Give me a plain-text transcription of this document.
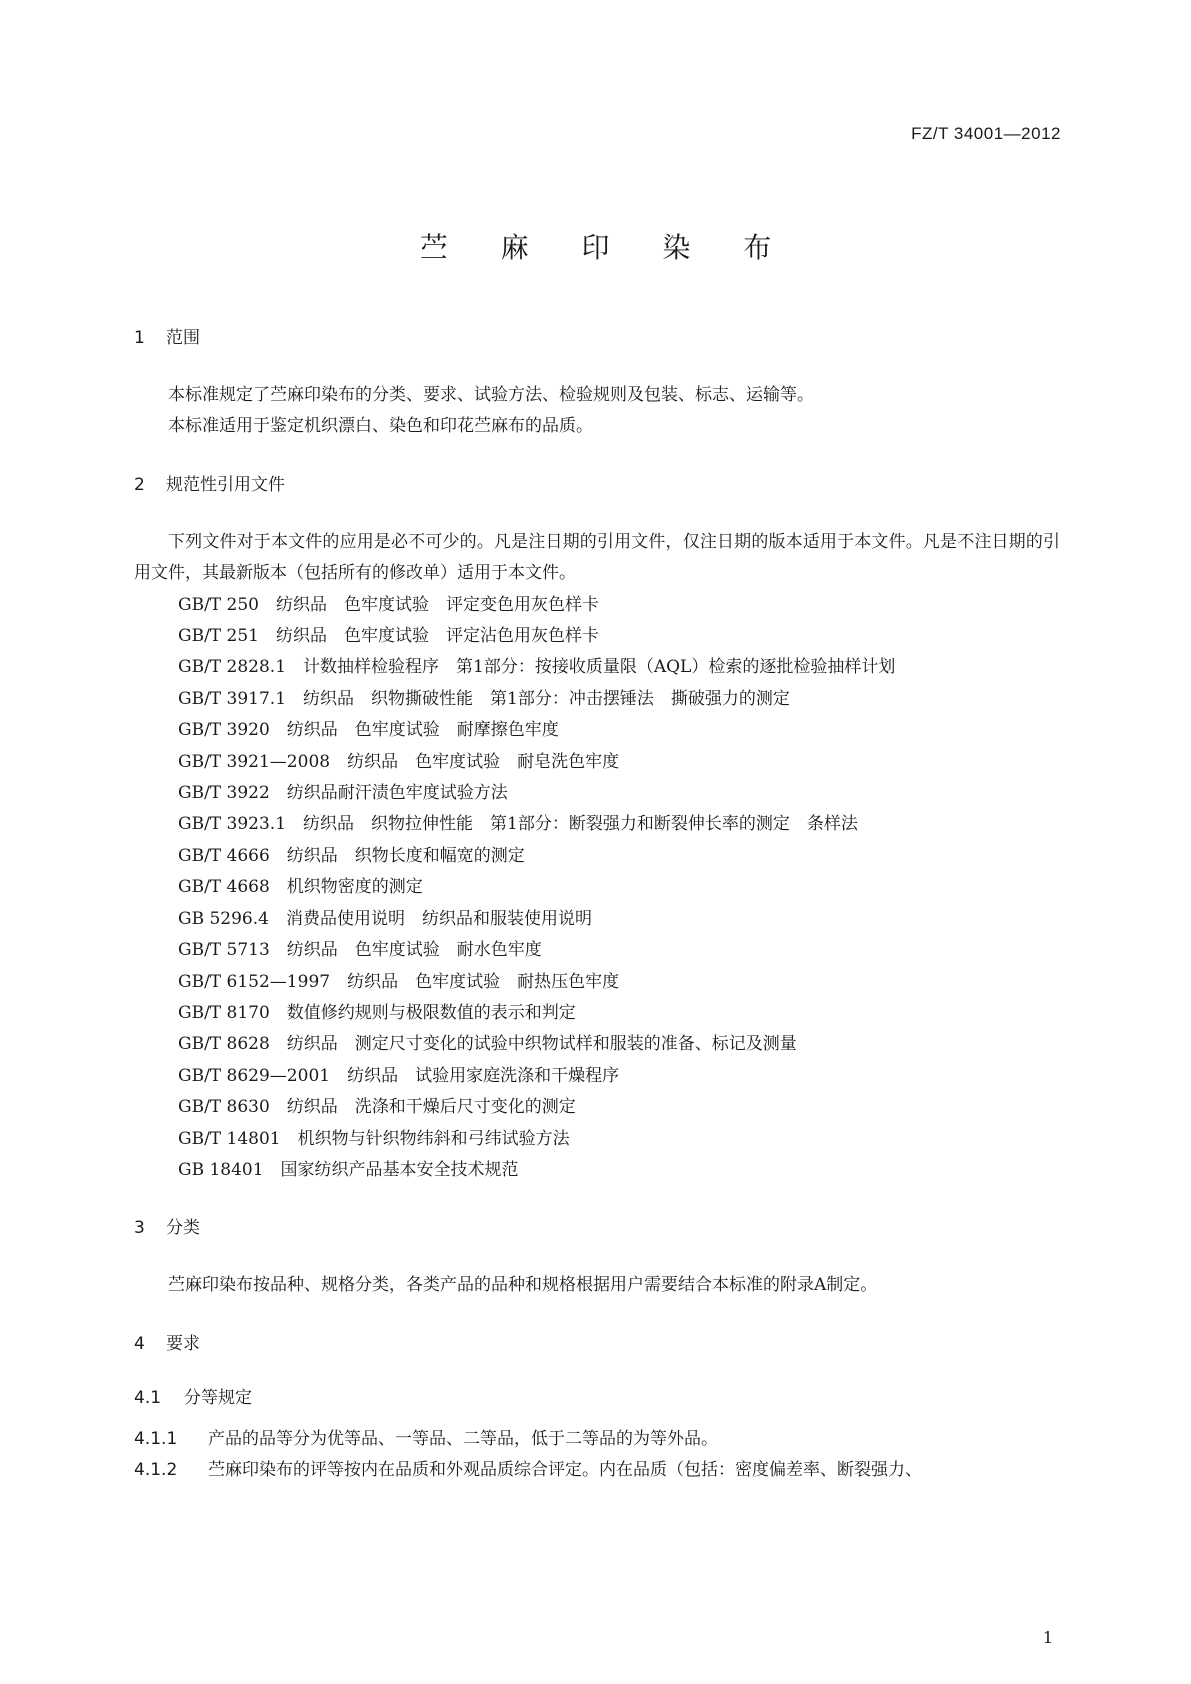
FZ/T 34001—2012
苎 麻 印 染 布
1 范围
本标准规定了苎麻印染布的分类、要求、试验方法、检验规则及包装、标志、运输等。
本标准适用于鉴定机织漂白、染色和印花苎麻布的品质。
2 规范性引用文件
下列文件对于本文件的应用是必不可少的。凡是注日期的引用文件，仅注日期的版本适用于本文件。凡是不注日期的引用文件，其最新版本（包括所有的修改单）适用于本文件。
GB/T 250　纺织品　色牢度试验　评定变色用灰色样卡
GB/T 251　纺织品　色牢度试验　评定沾色用灰色样卡
GB/T 2828.1　计数抽样检验程序　第1部分：按接收质量限（AQL）检索的逐批检验抽样计划
GB/T 3917.1　纺织品　织物撕破性能　第1部分：冲击摆锤法　撕破强力的测定
GB/T 3920　纺织品　色牢度试验　耐摩擦色牢度
GB/T 3921—2008　纺织品　色牢度试验　耐皂洗色牢度
GB/T 3922　纺织品耐汗渍色牢度试验方法
GB/T 3923.1　纺织品　织物拉伸性能　第1部分：断裂强力和断裂伸长率的测定　条样法
GB/T 4666　纺织品　织物长度和幅宽的测定
GB/T 4668　机织物密度的测定
GB 5296.4　消费品使用说明　纺织品和服装使用说明
GB/T 5713　纺织品　色牢度试验　耐水色牢度
GB/T 6152—1997　纺织品　色牢度试验　耐热压色牢度
GB/T 8170　数值修约规则与极限数值的表示和判定
GB/T 8628　纺织品　测定尺寸变化的试验中织物试样和服装的准备、标记及测量
GB/T 8629—2001　纺织品　试验用家庭洗涤和干燥程序
GB/T 8630　纺织品　洗涤和干燥后尺寸变化的测定
GB/T 14801　机织物与针织物纬斜和弓纬试验方法
GB 18401　国家纺织产品基本安全技术规范
3 分类
苎麻印染布按品种、规格分类，各类产品的品种和规格根据用户需要结合本标准的附录A制定。
4 要求
4.1 分等规定
4.1.1 产品的品等分为优等品、一等品、二等品，低于二等品的为等外品。
4.1.2 苎麻印染布的评等按内在品质和外观品质综合评定。内在品质（包括：密度偏差率、断裂强力、
1
